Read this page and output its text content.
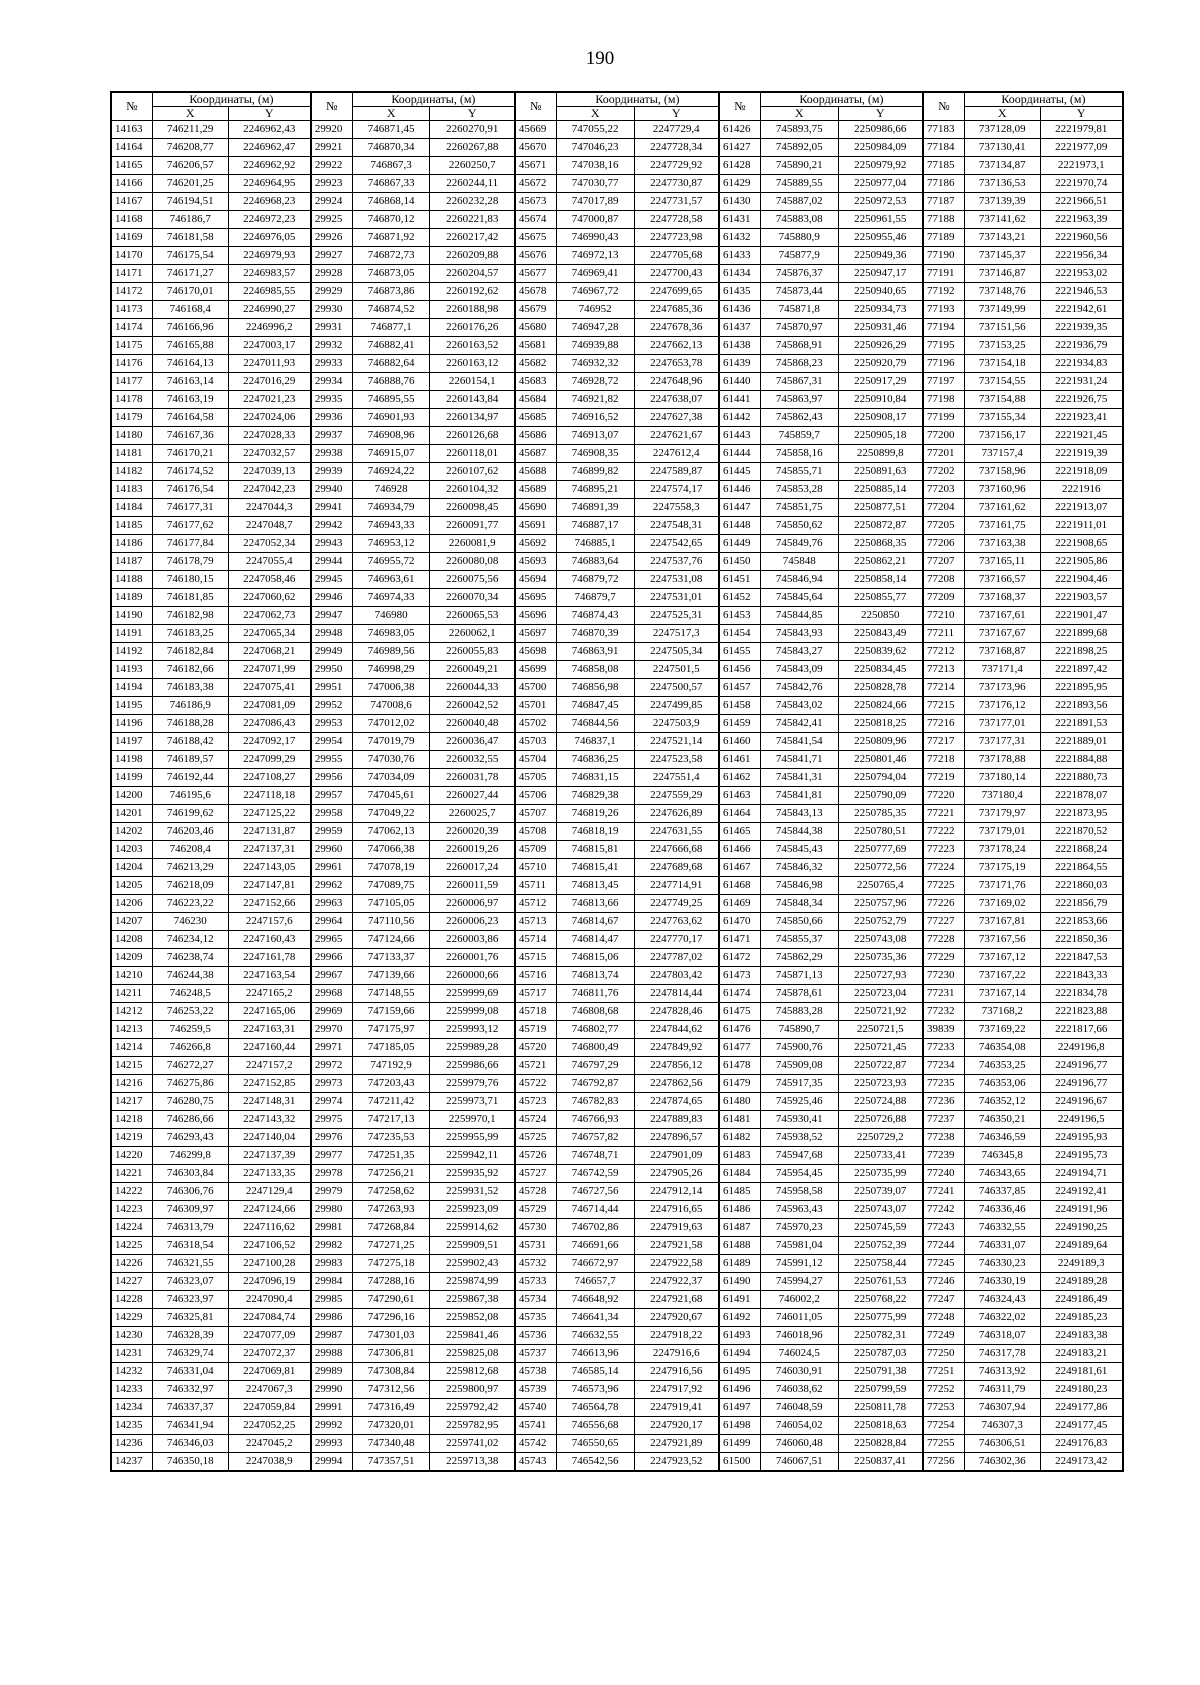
190
№	Координаты, (м)		№	Координаты, (м)		№	Координаты, (м)		№	Координаты, (м)		№	Координаты, (м)	
	X	Y		X	Y		X	Y		X	Y		X	Y
14163	746211,29	2246962,43	29920	746871,45	2260270,91	45669	747055,22	2247729,4	61426	745893,75	2250986,66	77183	737128,09	2221979,81
14164	746208,77	2246962,47	29921	746870,34	2260267,88	45670	747046,23	2247728,34	61427	745892,05	2250984,09	77184	737130,41	2221977,09
14165	746206,57	2246962,92	29922	746867,3	2260250,7	45671	747038,16	2247729,92	61428	745890,21	2250979,92	77185	737134,87	2221973,1
14166	746201,25	2246964,95	29923	746867,33	2260244,11	45672	747030,77	2247730,87	61429	745889,55	2250977,04	77186	737136,53	2221970,74
14167	746194,51	2246968,23	29924	746868,14	2260232,28	45673	747017,89	2247731,57	61430	745887,02	2250972,53	77187	737139,39	2221966,51
14168	746186,7	2246972,23	29925	746870,12	2260221,83	45674	747000,87	2247728,58	61431	745883,08	2250961,55	77188	737141,62	2221963,39
14169	746181,58	2246976,05	29926	746871,92	2260217,42	45675	746990,43	2247723,98	61432	745880,9	2250955,46	77189	737143,21	2221960,56
14170	746175,54	2246979,93	29927	746872,73	2260209,88	45676	746972,13	2247705,68	61433	745877,9	2250949,36	77190	737145,37	2221956,34
14171	746171,27	2246983,57	29928	746873,05	2260204,57	45677	746969,41	2247700,43	61434	745876,37	2250947,17	77191	737146,87	2221953,02
14172	746170,01	2246985,55	29929	746873,86	2260192,62	45678	746967,72	2247699,65	61435	745873,44	2250940,65	77192	737148,76	2221946,53
14173	746168,4	2246990,27	29930	746874,52	2260188,98	45679	746952	2247685,36	61436	745871,8	2250934,73	77193	737149,99	2221942,61
14174	746166,96	2246996,2	29931	746877,1	2260176,26	45680	746947,28	2247678,36	61437	745870,97	2250931,46	77194	737151,56	2221939,35
14175	746165,88	2247003,17	29932	746882,41	2260163,52	45681	746939,88	2247662,13	61438	745868,91	2250926,29	77195	737153,25	2221936,79
14176	746164,13	2247011,93	29933	746882,64	2260163,12	45682	746932,32	2247653,78	61439	745868,23	2250920,79	77196	737154,18	2221934,83
14177	746163,14	2247016,29	29934	746888,76	2260154,1	45683	746928,72	2247648,96	61440	745867,31	2250917,29	77197	737154,55	2221931,24
14178	746163,19	2247021,23	29935	746895,55	2260143,84	45684	746921,82	2247638,07	61441	745863,97	2250910,84	77198	737154,88	2221926,75
14179	746164,58	2247024,06	29936	746901,93	2260134,97	45685	746916,52	2247627,38	61442	745862,43	2250908,17	77199	737155,34	2221923,41
14180	746167,36	2247028,33	29937	746908,96	2260126,68	45686	746913,07	2247621,67	61443	745859,7	2250905,18	77200	737156,17	2221921,45
14181	746170,21	2247032,57	29938	746915,07	2260118,01	45687	746908,35	2247612,4	61444	745858,16	2250899,8	77201	737157,4	2221919,39
14182	746174,52	2247039,13	29939	746924,22	2260107,62	45688	746899,82	2247589,87	61445	745855,71	2250891,63	77202	737158,96	2221918,09
14183	746176,54	2247042,23	29940	746928	2260104,32	45689	746895,21	2247574,17	61446	745853,28	2250885,14	77203	737160,96	2221916
14184	746177,31	2247044,3	29941	746934,79	2260098,45	45690	746891,39	2247558,3	61447	745851,75	2250877,51	77204	737161,62	2221913,07
14185	746177,62	2247048,7	29942	746943,33	2260091,77	45691	746887,17	2247548,31	61448	745850,62	2250872,87	77205	737161,75	2221911,01
14186	746177,84	2247052,34	29943	746953,12	2260081,9	45692	746885,1	2247542,65	61449	745849,76	2250868,35	77206	737163,38	2221908,65
14187	746178,79	2247055,4	29944	746955,72	2260080,08	45693	746883,64	2247537,76	61450	745848	2250862,21	77207	737165,11	2221905,86
14188	746180,15	2247058,46	29945	746963,61	2260075,56	45694	746879,72	2247531,08	61451	745846,94	2250858,14	77208	737166,57	2221904,46
14189	746181,85	2247060,62	29946	746974,33	2260070,34	45695	746879,7	2247531,01	61452	745845,64	2250855,77	77209	737168,37	2221903,57
14190	746182,98	2247062,73	29947	746980	2260065,53	45696	746874,43	2247525,31	61453	745844,85	2250850	77210	737167,61	2221901,47
14191	746183,25	2247065,34	29948	746983,05	2260062,1	45697	746870,39	2247517,3	61454	745843,93	2250843,49	77211	737167,67	2221899,68
14192	746182,84	2247068,21	29949	746989,56	2260055,83	45698	746863,91	2247505,34	61455	745843,27	2250839,62	77212	737168,87	2221898,25
14193	746182,66	2247071,99	29950	746998,29	2260049,21	45699	746858,08	2247501,5	61456	745843,09	2250834,45	77213	737171,4	2221897,42
14194	746183,38	2247075,41	29951	747006,38	2260044,33	45700	746856,98	2247500,57	61457	745842,76	2250828,78	77214	737173,96	2221895,95
14195	746186,9	2247081,09	29952	747008,6	2260042,52	45701	746847,45	2247499,85	61458	745843,02	2250824,66	77215	737176,12	2221893,56
14196	746188,28	2247086,43	29953	747012,02	2260040,48	45702	746844,56	2247503,9	61459	745842,41	2250818,25	77216	737177,01	2221891,53
14197	746188,42	2247092,17	29954	747019,79	2260036,47	45703	746837,1	2247521,14	61460	745841,54	2250809,96	77217	737177,31	2221889,01
14198	746189,57	2247099,29	29955	747030,76	2260032,55	45704	746836,25	2247523,58	61461	745841,71	2250801,46	77218	737178,88	2221884,88
14199	746192,44	2247108,27	29956	747034,09	2260031,78	45705	746831,15	2247551,4	61462	745841,31	2250794,04	77219	737180,14	2221880,73
14200	746195,6	2247118,18	29957	747045,61	2260027,44	45706	746829,38	2247559,29	61463	745841,81	2250790,09	77220	737180,4	2221878,07
14201	746199,62	2247125,22	29958	747049,22	2260025,7	45707	746819,26	2247626,89	61464	745843,13	2250785,35	77221	737179,97	2221873,95
14202	746203,46	2247131,87	29959	747062,13	2260020,39	45708	746818,19	2247631,55	61465	745844,38	2250780,51	77222	737179,01	2221870,52
14203	746208,4	2247137,31	29960	747066,38	2260019,26	45709	746815,81	2247666,68	61466	745845,43	2250777,69	77223	737178,24	2221868,24
14204	746213,29	2247143,05	29961	747078,19	2260017,24	45710	746815,41	2247689,68	61467	745846,32	2250772,56	77224	737175,19	2221864,55
14205	746218,09	2247147,81	29962	747089,75	2260011,59	45711	746813,45	2247714,91	61468	745846,98	2250765,4	77225	737171,76	2221860,03
14206	746223,22	2247152,66	29963	747105,05	2260006,97	45712	746813,66	2247749,25	61469	745848,34	2250757,96	77226	737169,02	2221856,79
14207	746230	2247157,6	29964	747110,56	2260006,23	45713	746814,67	2247763,62	61470	745850,66	2250752,79	77227	737167,81	2221853,66
14208	746234,12	2247160,43	29965	747124,66	2260003,86	45714	746814,47	2247770,17	61471	745855,37	2250743,08	77228	737167,56	2221850,36
14209	746238,74	2247161,78	29966	747133,37	2260001,76	45715	746815,06	2247787,02	61472	745862,29	2250735,36	77229	737167,12	2221847,53
14210	746244,38	2247163,54	29967	747139,66	2260000,66	45716	746813,74	2247803,42	61473	745871,13	2250727,93	77230	737167,22	2221843,33
14211	746248,5	2247165,2	29968	747148,55	2259999,69	45717	746811,76	2247814,44	61474	745878,61	2250723,04	77231	737167,14	2221834,78
14212	746253,22	2247165,06	29969	747159,66	2259999,08	45718	746808,68	2247828,46	61475	745883,28	2250721,92	77232	737168,2	2221823,88
14213	746259,5	2247163,31	29970	747175,97	2259993,12	45719	746802,77	2247844,62	61476	745890,7	2250721,5	39839	737169,22	2221817,66
14214	746266,8	2247160,44	29971	747185,05	2259989,28	45720	746800,49	2247849,92	61477	745900,76	2250721,45	77233	746354,08	2249196,8
14215	746272,27	2247157,2	29972	747192,9	2259986,66	45721	746797,29	2247856,12	61478	745909,08	2250722,87	77234	746353,25	2249196,77
14216	746275,86	2247152,85	29973	747203,43	2259979,76	45722	746792,87	2247862,56	61479	745917,35	2250723,93	77235	746353,06	2249196,77
14217	746280,75	2247148,31	29974	747211,42	2259973,71	45723	746782,83	2247874,65	61480	745925,46	2250724,88	77236	746352,12	2249196,67
14218	746286,66	2247143,32	29975	747217,13	2259970,1	45724	746766,93	2247889,83	61481	745930,41	2250726,88	77237	746350,21	2249196,5
14219	746293,43	2247140,04	29976	747235,53	2259955,99	45725	746757,82	2247896,57	61482	745938,52	2250729,2	77238	746346,59	2249195,93
14220	746299,8	2247137,39	29977	747251,35	2259942,11	45726	746748,71	2247901,09	61483	745947,68	2250733,41	77239	746345,8	2249195,73
14221	746303,84	2247133,35	29978	747256,21	2259935,92	45727	746742,59	2247905,26	61484	745954,45	2250735,99	77240	746343,65	2249194,71
14222	746306,76	2247129,4	29979	747258,62	2259931,52	45728	746727,56	2247912,14	61485	745958,58	2250739,07	77241	746337,85	2249192,41
14223	746309,97	2247124,66	29980	747263,93	2259923,09	45729	746714,44	2247916,65	61486	745963,43	2250743,07	77242	746336,46	2249191,96
14224	746313,79	2247116,62	29981	747268,84	2259914,62	45730	746702,86	2247919,63	61487	745970,23	2250745,59	77243	746332,55	2249190,25
14225	746318,54	2247106,52	29982	747271,25	2259909,51	45731	746691,66	2247921,58	61488	745981,04	2250752,39	77244	746331,07	2249189,64
14226	746321,55	2247100,28	29983	747275,18	2259902,43	45732	746672,97	2247922,58	61489	745991,12	2250758,44	77245	746330,23	2249189,3
14227	746323,07	2247096,19	29984	747288,16	2259874,99	45733	746657,7	2247922,37	61490	745994,27	2250761,53	77246	746330,19	2249189,28
14228	746323,97	2247090,4	29985	747290,61	2259867,38	45734	746648,92	2247921,68	61491	746002,2	2250768,22	77247	746324,43	2249186,49
14229	746325,81	2247084,74	29986	747296,16	2259852,08	45735	746641,34	2247920,67	61492	746011,05	2250775,99	77248	746322,02	2249185,23
14230	746328,39	2247077,09	29987	747301,03	2259841,46	45736	746632,55	2247918,22	61493	746018,96	2250782,31	77249	746318,07	2249183,38
14231	746329,74	2247072,37	29988	747306,81	2259825,08	45737	746613,96	2247916,6	61494	746024,5	2250787,03	77250	746317,78	2249183,21
14232	746331,04	2247069,81	29989	747308,84	2259812,68	45738	746585,14	2247916,56	61495	746030,91	2250791,38	77251	746313,92	2249181,61
14233	746332,97	2247067,3	29990	747312,56	2259800,97	45739	746573,96	2247917,92	61496	746038,62	2250799,59	77252	746311,79	2249180,23
14234	746337,37	2247059,84	29991	747316,49	2259792,42	45740	746564,78	2247919,41	61497	746048,59	2250811,78	77253	746307,94	2249177,86
14235	746341,94	2247052,25	29992	747320,01	2259782,95	45741	746556,68	2247920,17	61498	746054,02	2250818,63	77254	746307,3	2249177,45
14236	746346,03	2247045,2	29993	747340,48	2259741,02	45742	746550,65	2247921,89	61499	746060,48	2250828,84	77255	746306,51	2249176,83
14237	746350,18	2247038,9	29994	747357,51	2259713,38	45743	746542,56	2247923,52	61500	746067,51	2250837,41	77256	746302,36	2249173,42
